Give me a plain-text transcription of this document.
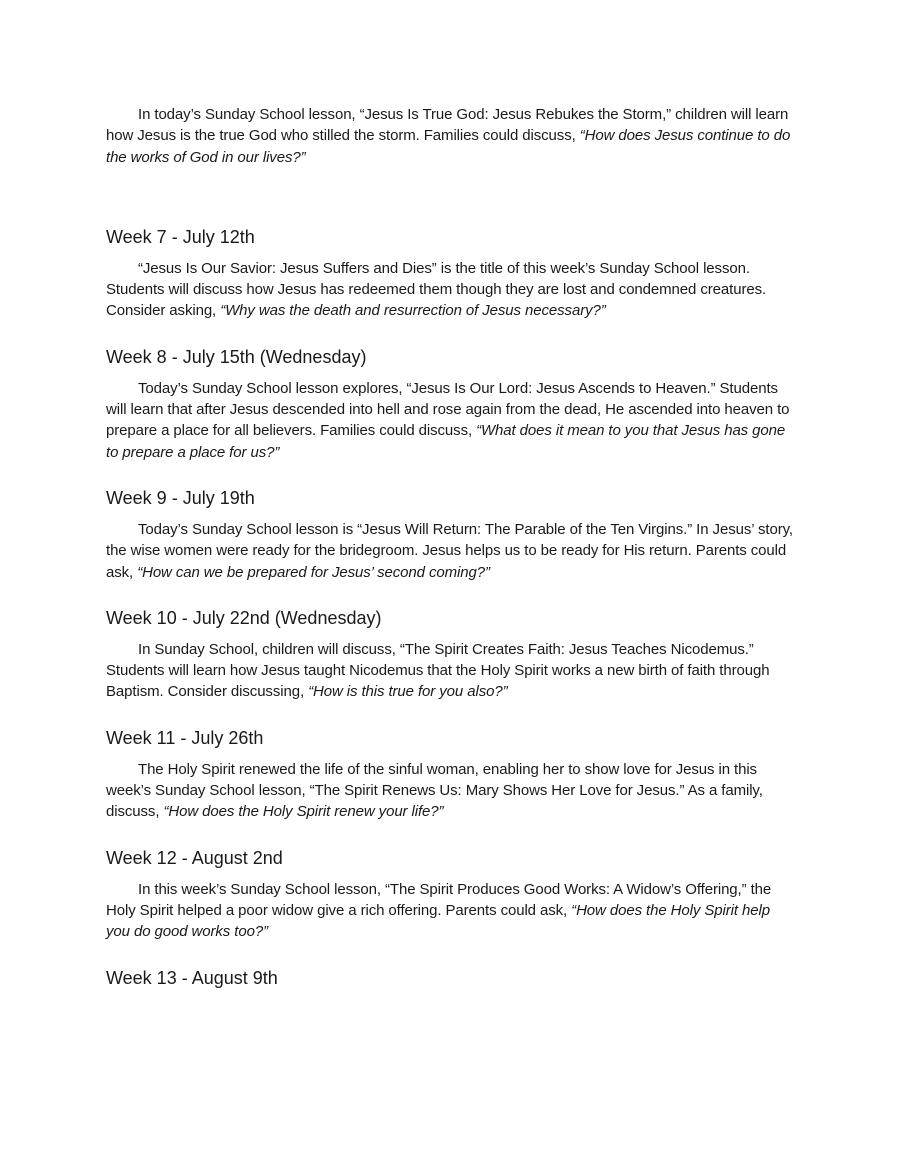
In today’s Sunday School lesson, “Jesus Is True God: Jesus Rebukes the Storm,” children will learn how Jesus is the true God who stilled the storm. Families could discuss, “How does Jesus continue to do the works of God in our lives?”

Week 7 - July 12th

“Jesus Is Our Savior: Jesus Suffers and Dies” is the title of this week’s Sunday School lesson. Students will discuss how Jesus has redeemed them though they are lost and condemned creatures. Consider asking, “Why was the death and resurrection of Jesus necessary?”

Week 8 - July 15th (Wednesday)

Today’s Sunday School lesson explores, “Jesus Is Our Lord: Jesus Ascends to Heaven.” Students will learn that after Jesus descended into hell and rose again from the dead, He ascended into heaven to prepare a place for all believers. Families could discuss, “What does it mean to you that Jesus has gone to prepare a place for us?”

Week 9 - July 19th

Today’s Sunday School lesson is “Jesus Will Return: The Parable of the Ten Virgins.” In Jesus’ story, the wise women were ready for the bridegroom. Jesus helps us to be ready for His return. Parents could ask, “How can we be prepared for Jesus’ second coming?”

Week 10 - July 22nd (Wednesday)

In Sunday School, children will discuss, “The Spirit Creates Faith: Jesus Teaches Nicodemus.” Students will learn how Jesus taught Nicodemus that the Holy Spirit works a new birth of faith through Baptism. Consider discussing, “How is this true for you also?”

Week 11 - July 26th

The Holy Spirit renewed the life of the sinful woman, enabling her to show love for Jesus in this week’s Sunday School lesson, “The Spirit Renews Us: Mary Shows Her Love for Jesus.” As a family, discuss, “How does the Holy Spirit renew your life?”

Week 12 - August 2nd

In this week’s Sunday School lesson, “The Spirit Produces Good Works: A Widow’s Offering,” the Holy Spirit helped a poor widow give a rich offering. Parents could ask, “How does the Holy Spirit help you do good works too?”

Week 13 - August 9th
